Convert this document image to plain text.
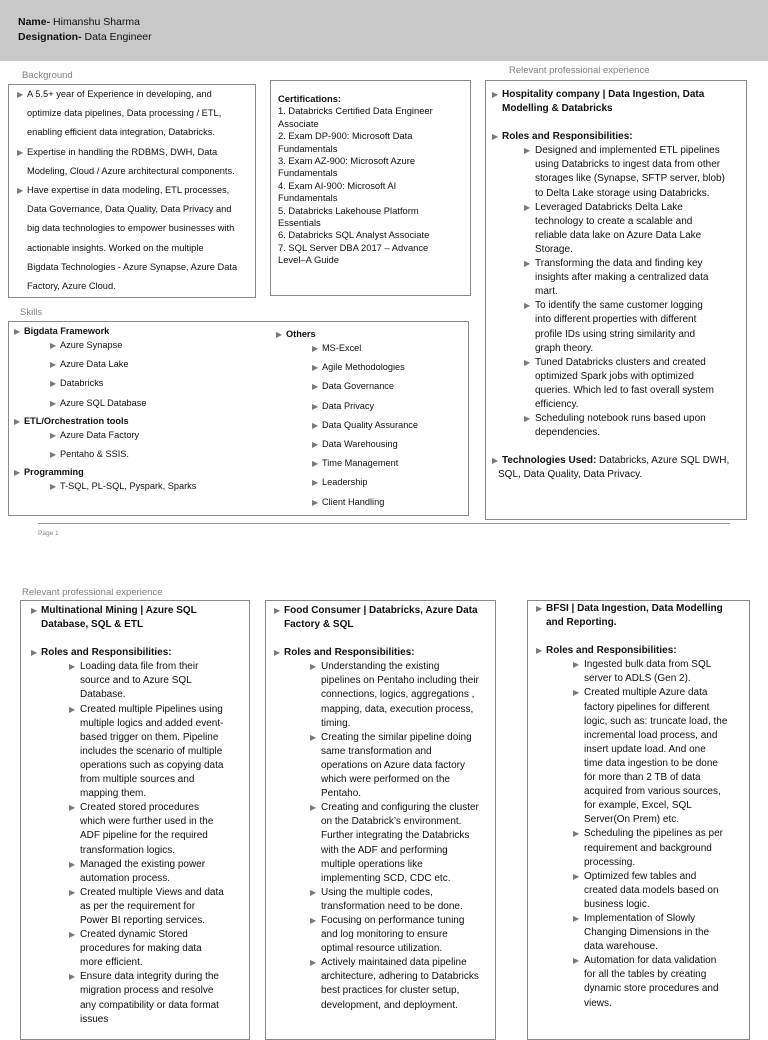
Name- Himanshu Sharma
Designation- Data Engineer
Background
▶ A 5.5+ year of Experience in developing, and
optimize data pipelines, Data processing / ETL,
enabling efficient data integration, Databricks.
▶ Expertise in handling the RDBMS, DWH, Data
Modeling, Cloud / Azure architectural components.
▶ Have expertise in data modeling, ETL processes,
Data Governance, Data Quality, Data Privacy and
big data technologies to empower businesses with
actionable insights. Worked on the multiple
Bigdata Technologies - Azure Synapse, Azure Data
Factory, Azure Cloud.
Certifications:
1. Databricks Certified Data Engineer
Associate
2. Exam DP-900: Microsoft Data
Fundamentals
3. Exam AZ-900: Microsoft Azure
Fundamentals
4. Exam AI-900: Microsoft AI
Fundamentals
5. Databricks Lakehouse Platform
Essentials
6. Databricks SQL Analyst Associate
7. SQL Server DBA 2017 – Advance
Level–A Guide
Skills
▶ Bigdata Framework
▶ Azure Synapse
▶ Azure Data Lake
▶ Databricks
▶ Azure SQL Database
▶ ETL/Orchestration tools
▶ Azure Data Factory
▶ Pentaho & SSIS.
▶ Programming
▶ T-SQL, PL-SQL, Pyspark, Sparks
▶ Others
▶ MS-Excel
▶ Agile Methodologies
▶ Data Governance
▶ Data Privacy
▶ Data Quality Assurance
▶ Data Warehousing
▶ Time Management
▶ Leadership
▶ Client Handling
Relevant professional experience
▶ Hospitality company | Data Ingestion, Data
Modelling & Databricks
▶ Roles and Responsibilities:
▶ Designed and implemented ETL pipelines
using Databricks to ingest data from other
storages like (Synapse, SFTP server, blob)
to Delta Lake storage using Databricks.
▶ Leveraged Databricks Delta Lake
technology to create a scalable and
reliable data lake on Azure Data Lake
Storage.
▶ Transforming the data and finding key
insights after making a centralized data
mart.
▶ To identify the same customer logging
into different properties with different
profile IDs using string similarity and
graph theory.
▶ Tuned Databricks clusters and created
optimized Spark jobs with optimized
queries. Which led to fast overall system
efficiency.
▶ Scheduling notebook runs based upon
dependencies.
▶ Technologies Used: Databricks, Azure SQL DWH,
SQL, Data Quality, Data Privacy.
Page 1
Relevant professional experience
▶ Multinational Mining | Azure SQL
Database, SQL & ETL
▶ Roles and Responsibilities:
▶ Loading data file from their
source and to Azure SQL
Database.
▶ Created multiple Pipelines using
multiple logics and added event-
based trigger on them. Pipeline
includes the scenario of multiple
operations such as copying data
from multiple sources and
mapping them.
▶ Created stored procedures
which were further used in the
ADF pipeline for the required
transformation logics.
▶ Managed the existing power
automation process.
▶ Created multiple Views and data
as per the requirement for
Power BI reporting services.
▶ Created dynamic Stored
procedures for making data
more efficient.
▶ Ensure data integrity during the
migration process and resolve
any compatibility or data format
issues
▶ Food Consumer | Databricks, Azure Data
Factory & SQL
▶ Roles and Responsibilities:
▶ Understanding the existing
pipelines on Pentaho including their
connections, logics, aggregations ,
mapping, data, execution process,
timing.
▶ Creating the similar pipeline doing
same transformation and
operations on Azure data factory
which were performed on the
Pentaho.
▶ Creating and configuring the cluster
on the Databrick’s environment.
Further integrating the Databricks
with the ADF and performing
multiple operations like
implementing SCD, CDC etc.
▶ Using the multiple codes,
transformation need to be done.
▶ Focusing on performance tuning
and log monitoring to ensure
optimal resource utilization.
▶ Actively maintained data pipeline
architecture, adhering to Databricks
best practices for cluster setup,
development, and deployment.
▶ BFSI | Data Ingestion, Data Modelling
and Reporting.
▶ Roles and Responsibilities:
▶ Ingested bulk data from SQL
server to ADLS (Gen 2).
▶ Created multiple Azure data
factory pipelines for different
logic, such as: truncate load, the
incremental load process, and
insert update load. And one
time data ingestion to be done
for more than 2 TB of data
acquired from various sources,
for example, Excel, SQL
Server(On Prem) etc.
▶ Scheduling the pipelines as per
requirement and background
processing.
▶ Optimized few tables and
created data models based on
business logic.
▶ Implementation of Slowly
Changing Dimensions in the
data warehouse.
▶ Automation for data validation
for all the tables by creating
dynamic store procedures and
views.
